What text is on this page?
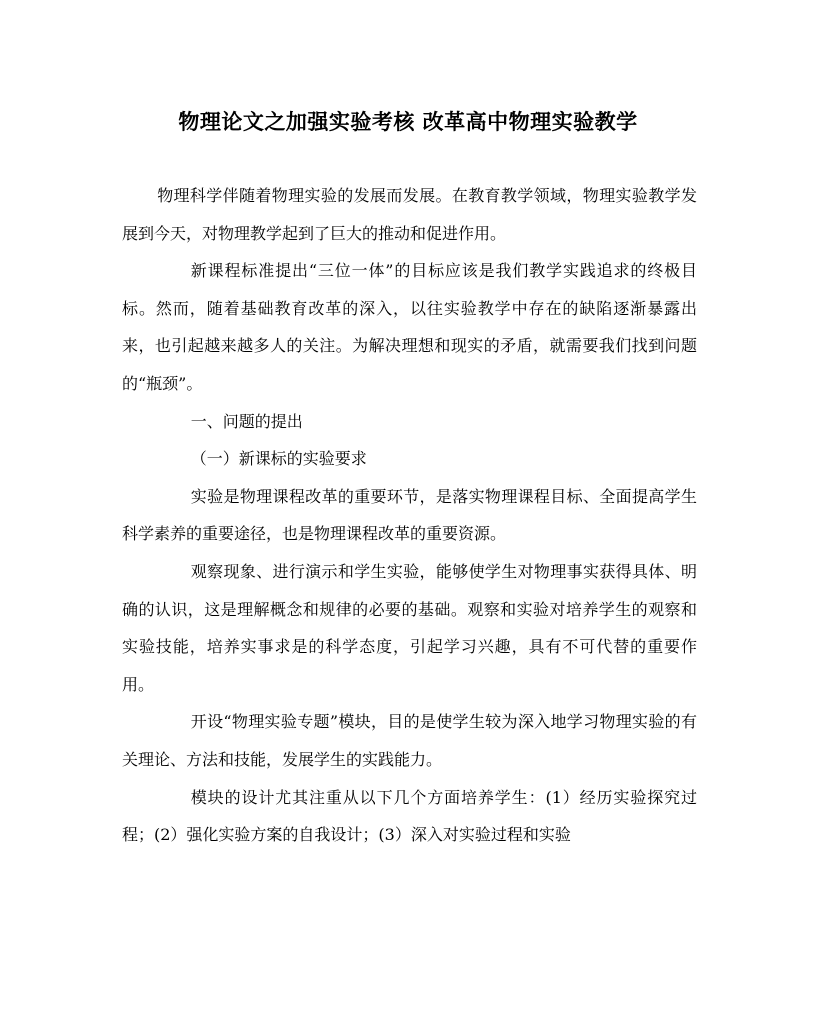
物理论文之加强实验考核 改革高中物理实验教学

物理科学伴随着物理实验的发展而发展。在教育教学领域，物理实验教学发展到今天，对物理教学起到了巨大的推动和促进作用。

新课程标准提出“三位一体”的目标应该是我们教学实践追求的终极目标。然而，随着基础教育改革的深入，以往实验教学中存在的缺陷逐渐暴露出来，也引起越来越多人的关注。为解决理想和现实的矛盾，就需要我们找到问题的“瓶颈”。

一、问题的提出

（一）新课标的实验要求

实验是物理课程改革的重要环节，是落实物理课程目标、全面提高学生科学素养的重要途径，也是物理课程改革的重要资源。

观察现象、进行演示和学生实验，能够使学生对物理事实获得具体、明确的认识，这是理解概念和规律的必要的基础。观察和实验对培养学生的观察和实验技能，培养实事求是的科学态度，引起学习兴趣，具有不可代替的重要作用。

开设“物理实验专题”模块，目的是使学生较为深入地学习物理实验的有关理论、方法和技能，发展学生的实践能力。

模块的设计尤其注重从以下几个方面培养学生：(1）经历实验探究过程；(2）强化实验方案的自我设计；(3）深入对实验过程和实验
